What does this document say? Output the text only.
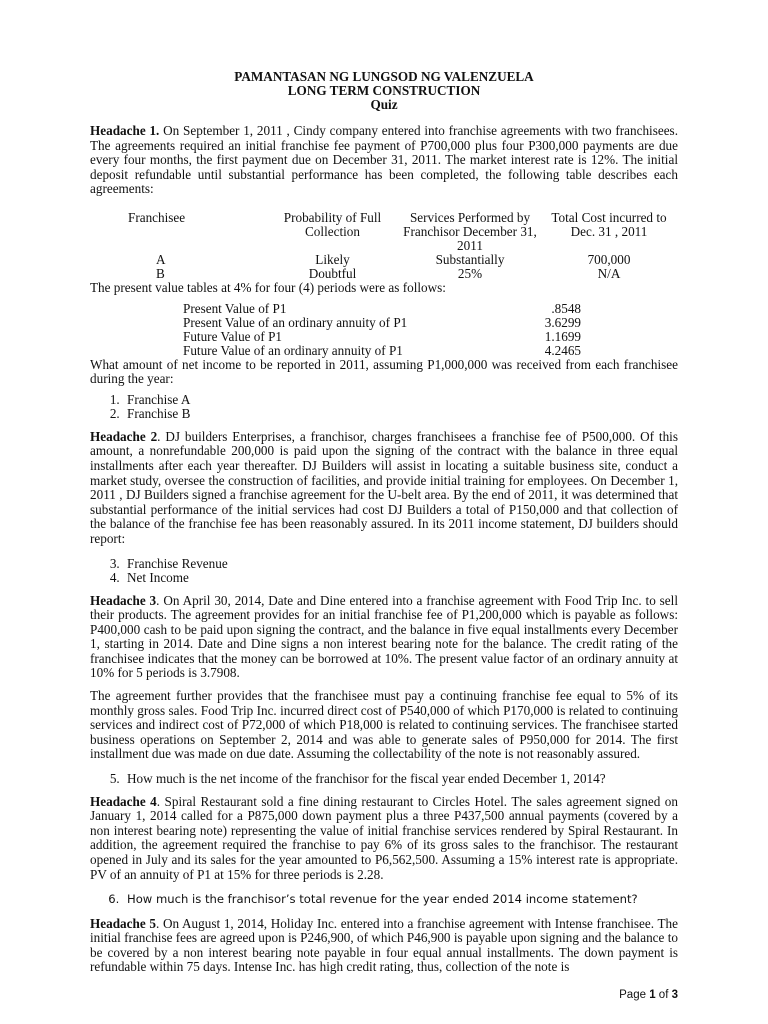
PAMANTASAN NG LUNGSOD NG VALENZUELA
LONG TERM CONSTRUCTION
Quiz

Headache 1. On September 1, 2011 , Cindy company entered into franchise agreements with two franchisees. The agreements required an initial franchise fee payment of P700,000 plus four P300,000 payments are due every four months, the first payment due on December 31, 2011. The market interest rate is 12%. The initial deposit refundable until substantial performance has been completed, the following table describes each agreements:

Franchisee	Probability of Full Collection	Services Performed by Franchisor December 31, 2011	Total Cost incurred to Dec. 31 , 2011
A	Likely	Substantially	700,000
B	Doubtful	25%	N/A

The present value tables at 4% for four (4) periods were as follows:

Present Value of P1	.8548
Present Value of an ordinary annuity of P1	3.6299
Future Value of P1	1.1699
Future Value of an ordinary annuity of P1	4.2465

What amount of net income to be reported in 2011, assuming P1,000,000 was received from each franchisee during the year:

1. Franchise A
2. Franchise B

Headache 2. DJ builders Enterprises, a franchisor, charges franchisees a franchise fee of P500,000. Of this amount, a nonrefundable 200,000 is paid upon the signing of the contract with the balance in three equal installments after each year thereafter. DJ Builders will assist in locating a suitable business site, conduct a market study, oversee the construction of facilities, and provide initial training for employees. On December 1, 2011 , DJ Builders signed a franchise agreement for the U-belt area. By the end of 2011, it was determined that substantial performance of the initial services had cost DJ Builders a total of P150,000 and that collection of the balance of the franchise fee has been reasonably assured. In its 2011 income statement, DJ builders should report:

3. Franchise Revenue
4. Net Income

Headache 3. On April 30, 2014, Date and Dine entered into a franchise agreement with Food Trip Inc. to sell their products. The agreement provides for an initial franchise fee of P1,200,000 which is payable as follows: P400,000 cash to be paid upon signing the contract, and the balance in five equal installments every December 1, starting in 2014. Date and Dine signs a non interest bearing note for the balance. The credit rating of the franchisee indicates that the money can be borrowed at 10%. The present value factor of an ordinary annuity at 10% for 5 periods is 3.7908.

The agreement further provides that the franchisee must pay a continuing franchise fee equal to 5% of its monthly gross sales. Food Trip Inc. incurred direct cost of P540,000 of which P170,000 is related to continuing services and indirect cost of P72,000 of which P18,000 is related to continuing services. The franchisee started business operations on September 2, 2014 and was able to generate sales of P950,000 for 2014. The first installment due was made on due date. Assuming the collectability of the note is not reasonably assured.

5. How much is the net income of the franchisor for the fiscal year ended December 1, 2014?

Headache 4. Spiral Restaurant sold a fine dining restaurant to Circles Hotel. The sales agreement signed on January 1, 2014 called for a P875,000 down payment plus a three P437,500 annual payments (covered by a non interest bearing note) representing the value of initial franchise services rendered by Spiral Restaurant. In addition, the agreement required the franchise to pay 6% of its gross sales to the franchisor. The restaurant opened in July and its sales for the year amounted to P6,562,500. Assuming a 15% interest rate is appropriate. PV of an annuity of P1 at 15% for three periods is 2.28.

6. How much is the franchisor’s total revenue for the year ended 2014 income statement?

Headache 5. On August 1, 2014, Holiday Inc. entered into a franchise agreement with Intense franchisee. The initial franchise fees are agreed upon is P246,900, of which P46,900 is payable upon signing and the balance to be covered by a non interest bearing note payable in four equal annual installments. The down payment is refundable within 75 days. Intense Inc. has high credit rating, thus, collection of the note is

Page 1 of 3
